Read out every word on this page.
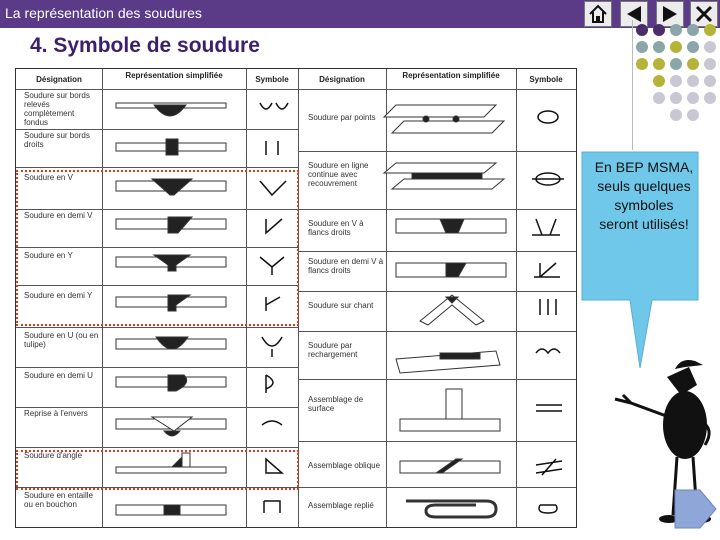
La représentation des soudures
4. Symbole de soudure
Désignation	Représentation simplifiée	Symbole	Désignation	Représentation simplifiée	Symbole
Soudure sur bords relevés complètement fondus
Soudure sur bords droits
Soudure en V
Soudure en demi V
Soudure en Y
Soudure en demi Y
Soudure en U (ou en tulipe)
Soudure en demi U
Reprise à l'envers
Soudure d'angle
Soudure en entaille ou en bouchon
Soudure par points
Soudure en ligne continue avec recouvrement
Soudure en V à flancs droits
Soudure en demi V à flancs droits
Soudure sur chant
Soudure par rechargement
Assemblage de surface
Assemblage oblique
Assemblage replié
En BEP MSMA, seuls quelques symboles seront utilisés!
